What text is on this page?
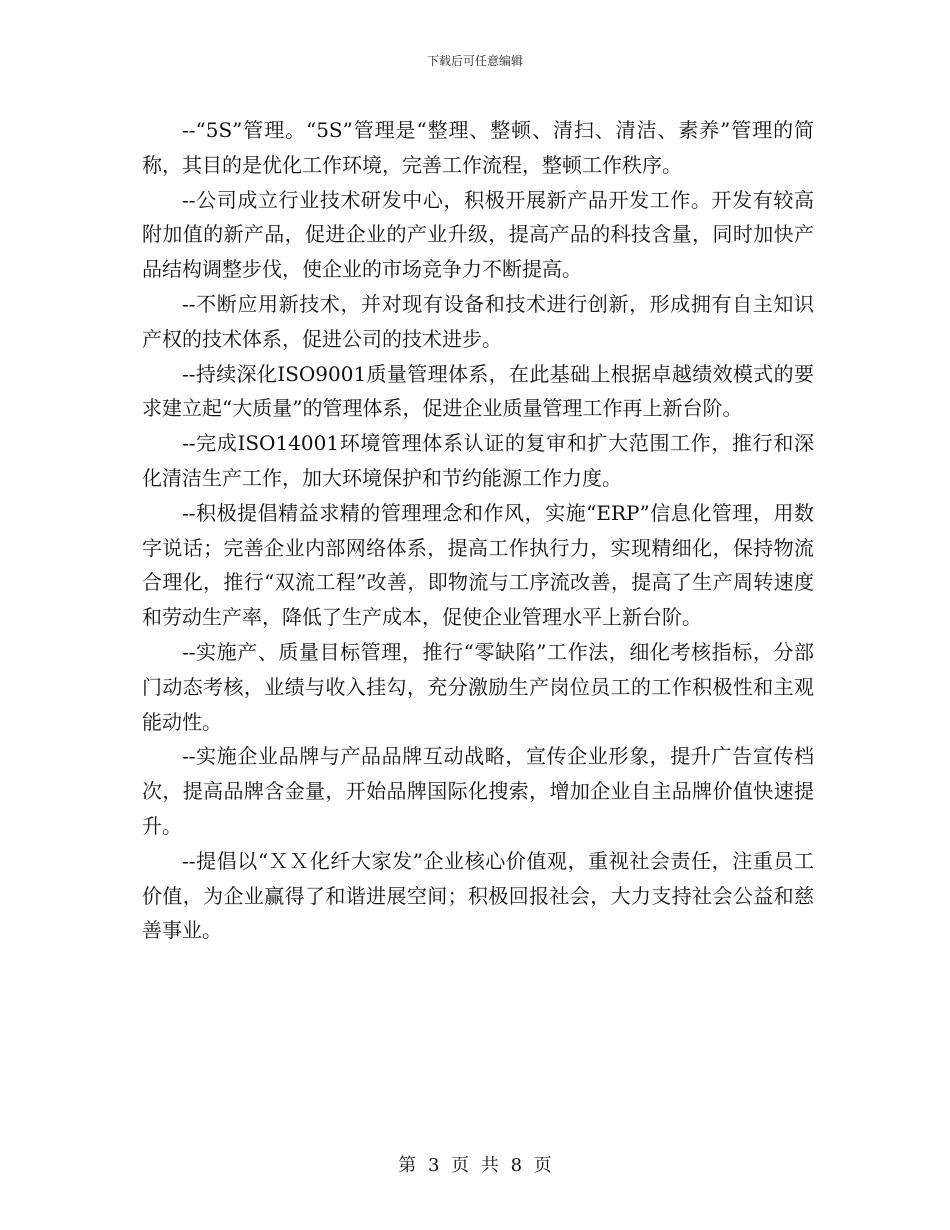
下载后可任意编辑

--“5S”管理。“5S”管理是“整理、整顿、清扫、清洁、素养”管理的简称，其目的是优化工作环境，完善工作流程，整顿工作秩序。

--公司成立行业技术研发中心，积极开展新产品开发工作。开发有较高附加值的新产品，促进企业的产业升级，提高产品的科技含量，同时加快产品结构调整步伐，使企业的市场竞争力不断提高。

--不断应用新技术，并对现有设备和技术进行创新，形成拥有自主知识产权的技术体系，促进公司的技术进步。

--持续深化ISO9001质量管理体系，在此基础上根据卓越绩效模式的要求建立起“大质量”的管理体系，促进企业质量管理工作再上新台阶。

--完成ISO14001环境管理体系认证的复审和扩大范围工作，推行和深化清洁生产工作，加大环境保护和节约能源工作力度。

--积极提倡精益求精的管理理念和作风，实施“ERP”信息化管理，用数字说话；完善企业内部网络体系，提高工作执行力，实现精细化，保持物流合理化，推行“双流工程”改善，即物流与工序流改善，提高了生产周转速度和劳动生产率，降低了生产成本，促使企业管理水平上新台阶。

--实施产、质量目标管理，推行“零缺陷”工作法，细化考核指标，分部门动态考核，业绩与收入挂勾，充分激励生产岗位员工的工作积极性和主观能动性。

--实施企业品牌与产品品牌互动战略，宣传企业形象，提升广告宣传档次，提高品牌含金量，开始品牌国际化搜索，增加企业自主品牌价值快速提升。

--提倡以“ＸＸ化纤大家发”企业核心价值观，重视社会责任，注重员工价值，为企业赢得了和谐进展空间；积极回报社会，大力支持社会公益和慈善事业。

第 3 页 共 8 页
